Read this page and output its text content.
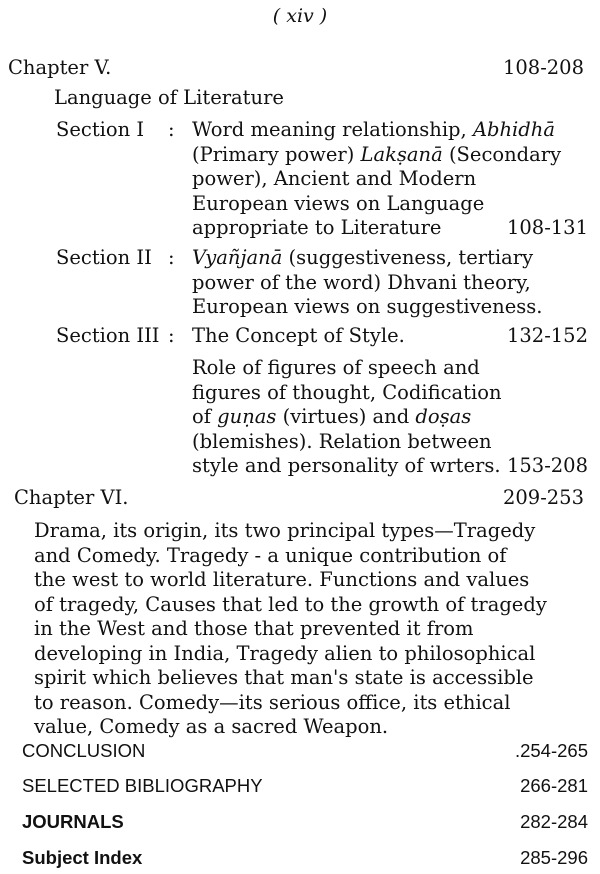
( xiv )
Chapter V.	108-208
Language of Literature
Section I : Word meaning relationship, Abhidhā
(Primary power) Lakṣanā (Secondary
power), Ancient and Modern
European views on Language
appropriate to Literature	108-131
Section II : Vyañjanā (suggestiveness, tertiary
power of the word) Dhvani theory,
European views on suggestiveness.
Section III : The Concept of Style.	132-152
Role of figures of speech and
figures of thought, Codification
of guṇas (virtues) and doṣas
(blemishes). Relation between
style and personality of wrters. 153-208
Chapter VI.	209-253
Drama, its origin, its two principal types—Tragedy
and Comedy. Tragedy - a unique contribution of
the west to world literature. Functions and values
of tragedy, Causes that led to the growth of tragedy
in the West and those that prevented it from
developing in India, Tragedy alien to philosophical
spirit which believes that man's state is accessible
to reason. Comedy—its serious office, its ethical
value, Comedy as a sacred Weapon.
CONCLUSION	.254-265
SELECTED BIBLIOGRAPHY	266-281
JOURNALS	282-284
Subject Index	285-296
